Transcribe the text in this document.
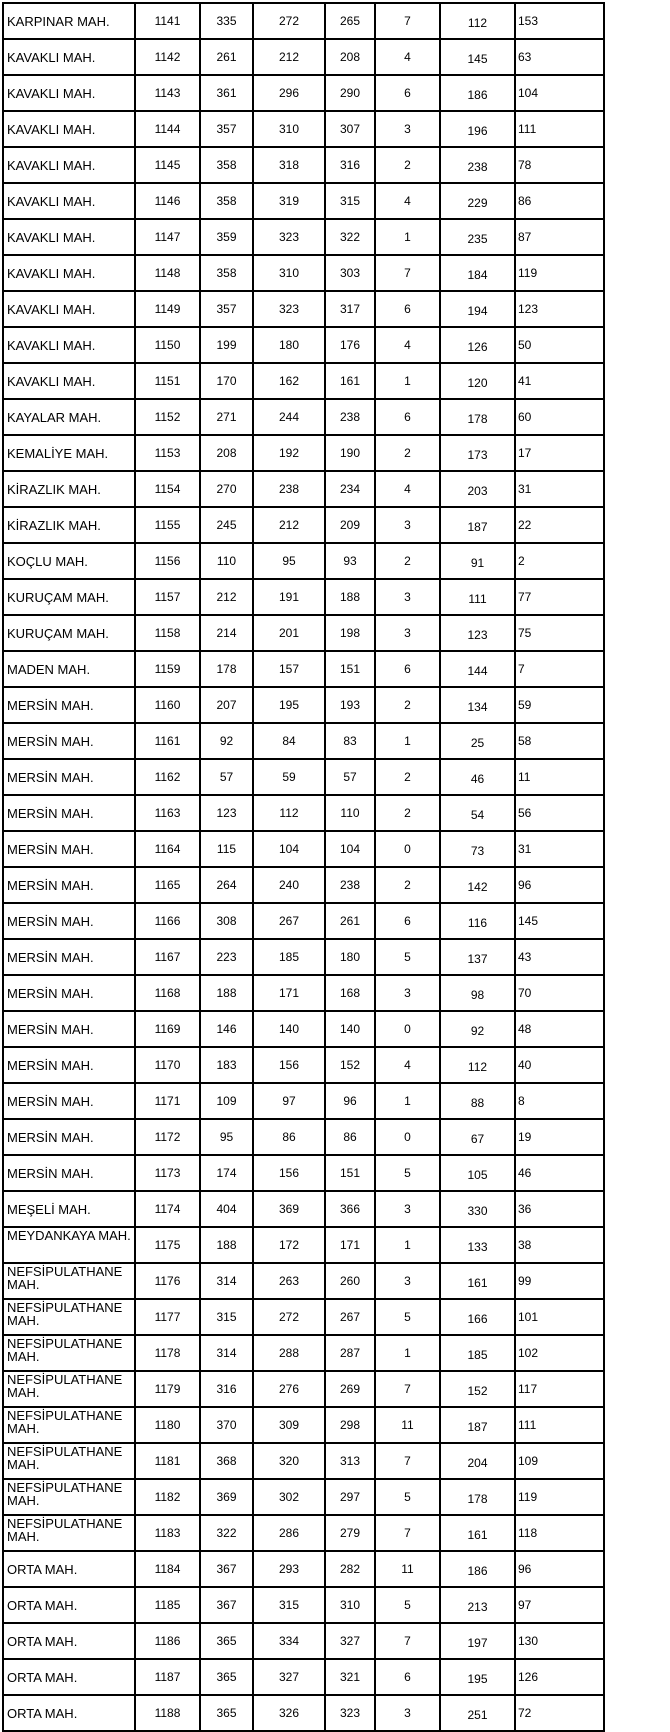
KARPINAR MAH.	1141	335	272	265	7	112	153
KAVAKLI MAH.	1142	261	212	208	4	145	63
KAVAKLI MAH.	1143	361	296	290	6	186	104
KAVAKLI MAH.	1144	357	310	307	3	196	111
KAVAKLI MAH.	1145	358	318	316	2	238	78
KAVAKLI MAH.	1146	358	319	315	4	229	86
KAVAKLI MAH.	1147	359	323	322	1	235	87
KAVAKLI MAH.	1148	358	310	303	7	184	119
KAVAKLI MAH.	1149	357	323	317	6	194	123
KAVAKLI MAH.	1150	199	180	176	4	126	50
KAVAKLI MAH.	1151	170	162	161	1	120	41
KAYALAR MAH.	1152	271	244	238	6	178	60
KEMALİYE MAH.	1153	208	192	190	2	173	17
KİRAZLIK MAH.	1154	270	238	234	4	203	31
KİRAZLIK MAH.	1155	245	212	209	3	187	22
KOÇLU MAH.	1156	110	95	93	2	91	2
KURUÇAM MAH.	1157	212	191	188	3	111	77
KURUÇAM MAH.	1158	214	201	198	3	123	75
MADEN MAH.	1159	178	157	151	6	144	7
MERSİN MAH.	1160	207	195	193	2	134	59
MERSİN MAH.	1161	92	84	83	1	25	58
MERSİN MAH.	1162	57	59	57	2	46	11
MERSİN MAH.	1163	123	112	110	2	54	56
MERSİN MAH.	1164	115	104	104	0	73	31
MERSİN MAH.	1165	264	240	238	2	142	96
MERSİN MAH.	1166	308	267	261	6	116	145
MERSİN MAH.	1167	223	185	180	5	137	43
MERSİN MAH.	1168	188	171	168	3	98	70
MERSİN MAH.	1169	146	140	140	0	92	48
MERSİN MAH.	1170	183	156	152	4	112	40
MERSİN MAH.	1171	109	97	96	1	88	8
MERSİN MAH.	1172	95	86	86	0	67	19
MERSİN MAH.	1173	174	156	151	5	105	46
MEŞELİ MAH.	1174	404	369	366	3	330	36
MEYDANKAYA MAH.	1175	188	172	171	1	133	38
NEFSİPULATHANE MAH.	1176	314	263	260	3	161	99
NEFSİPULATHANE MAH.	1177	315	272	267	5	166	101
NEFSİPULATHANE MAH.	1178	314	288	287	1	185	102
NEFSİPULATHANE MAH.	1179	316	276	269	7	152	117
NEFSİPULATHANE MAH.	1180	370	309	298	11	187	111
NEFSİPULATHANE MAH.	1181	368	320	313	7	204	109
NEFSİPULATHANE MAH.	1182	369	302	297	5	178	119
NEFSİPULATHANE MAH.	1183	322	286	279	7	161	118
ORTA MAH.	1184	367	293	282	11	186	96
ORTA MAH.	1185	367	315	310	5	213	97
ORTA MAH.	1186	365	334	327	7	197	130
ORTA MAH.	1187	365	327	321	6	195	126
ORTA MAH.	1188	365	326	323	3	251	72
